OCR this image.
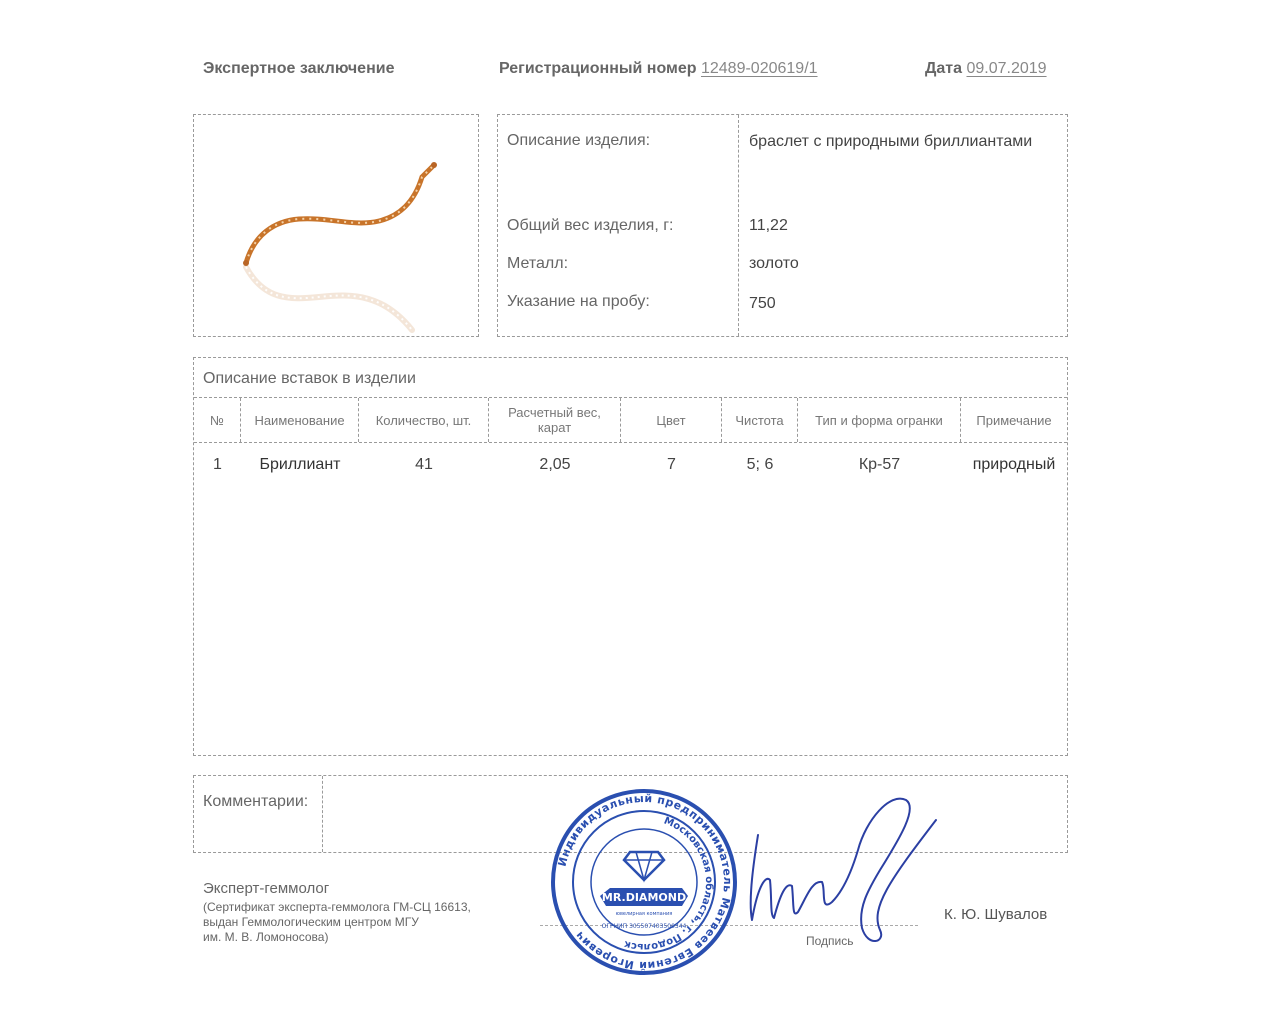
Экспертное заключение	Регистрационный номер 12489-020619/1	Дата 09.07.2019
Описание изделия:	браслет с природными бриллиантами
Общий вес изделия, г:	11,22
Металл:	золото
Указание на пробу:	750
Описание вставок в изделии
№	Наименование	Количество, шт.	Расчетный вес, карат	Цвет	Чистота	Тип и форма огранки	Примечание
1	Бриллиант	41	2,05	7	5; 6	Кр-57	природный
Комментарии:
Эксперт-геммолог
(Сертификат эксперта-геммолога ГМ-СЦ 16613,
выдан Геммологическим центром МГУ
им. М. В. Ломоносова)	Подпись
К. Ю. Шувалов
Индивидуальный предприниматель Матвеев Евгений Игоревич
Московская область, г. Подольск
MR.DIAMOND
ювелирная компания
ОГРНИП 305507403500344
